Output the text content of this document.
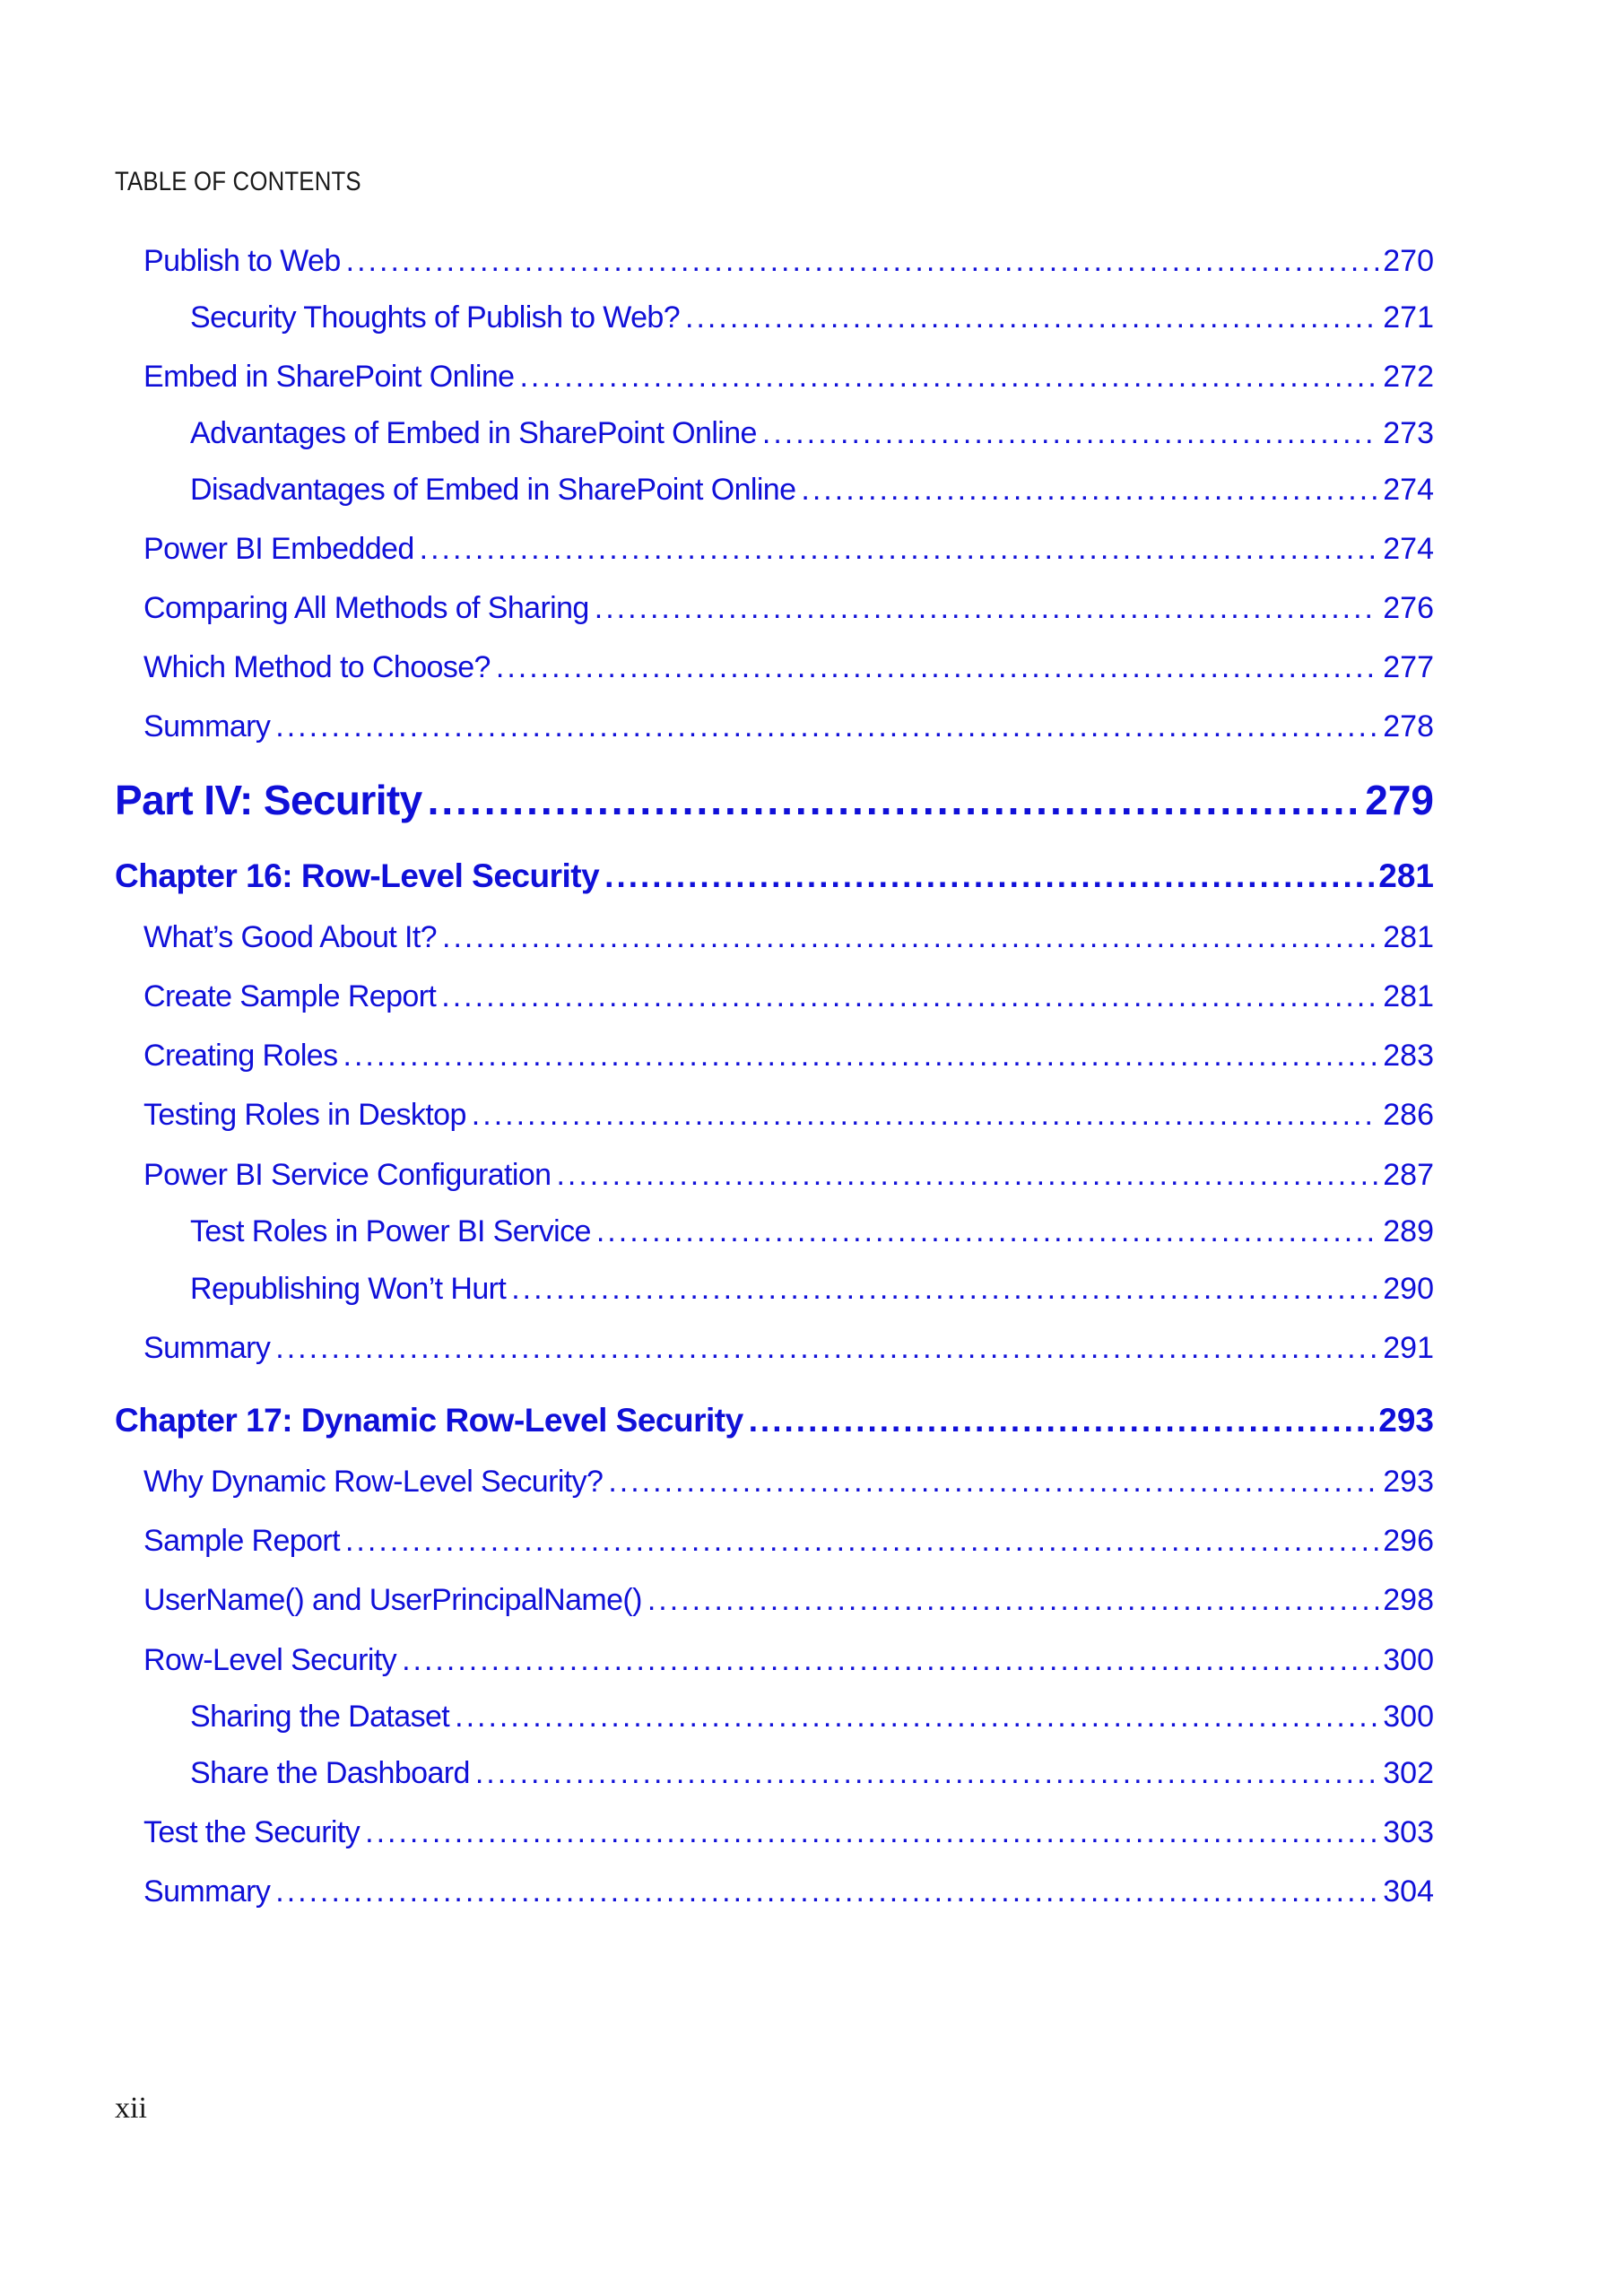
TABLE OF CONTENTS
Publish to Web .....	270
Security Thoughts of Publish to Web? .....	271
Embed in SharePoint Online .....	272
Advantages of Embed in SharePoint Online .....	273
Disadvantages of Embed in SharePoint Online .....	274
Power BI Embedded .....	274
Comparing All Methods of Sharing .....	276
Which Method to Choose? .....	277
Summary .....	278
Part IV: Security .....	279
Chapter 16: Row-Level Security .....	281
What’s Good About It? .....	281
Create Sample Report .....	281
Creating Roles .....	283
Testing Roles in Desktop .....	286
Power BI Service Configuration .....	287
Test Roles in Power BI Service .....	289
Republishing Won’t Hurt .....	290
Summary .....	291
Chapter 17: Dynamic Row-Level Security .....	293
Why Dynamic Row-Level Security? .....	293
Sample Report .....	296
UserName() and UserPrincipalName() .....	298
Row-Level Security .....	300
Sharing the Dataset .....	300
Share the Dashboard .....	302
Test the Security .....	303
Summary .....	304
xii
